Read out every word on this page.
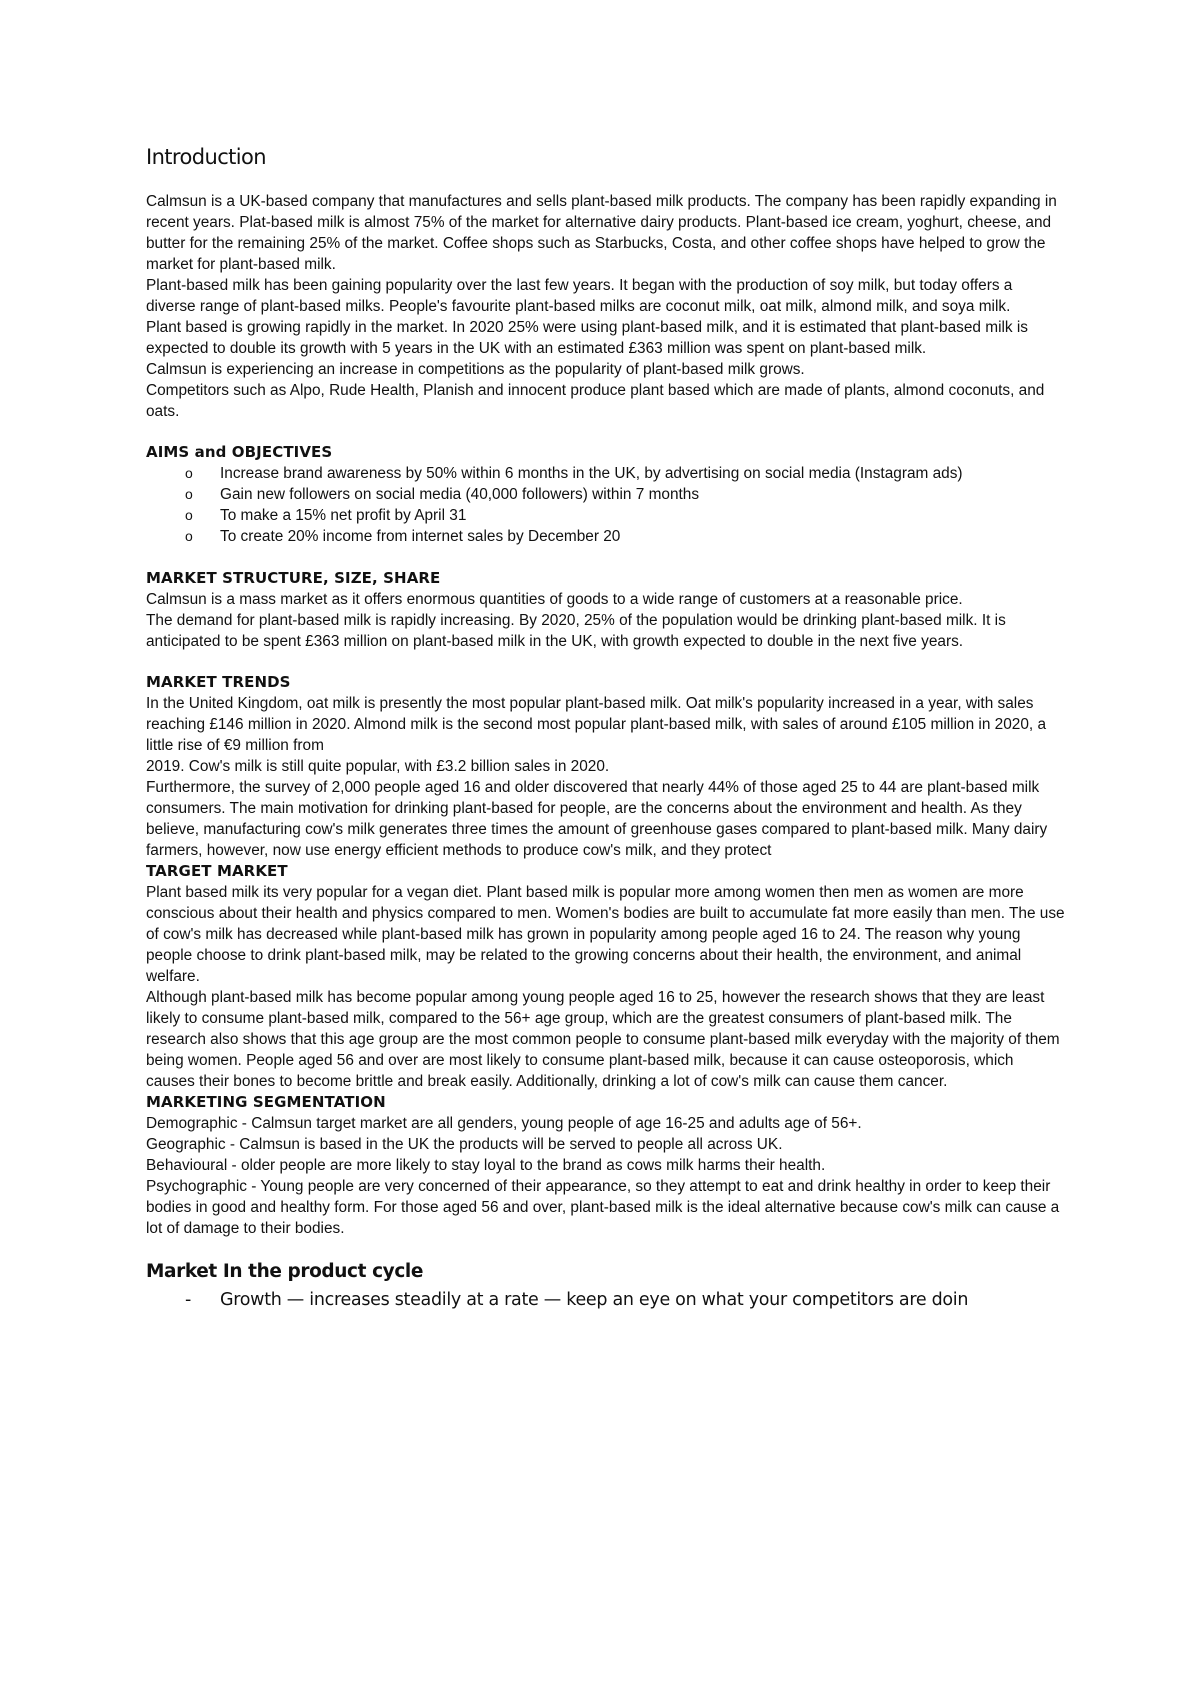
Introduction

Calmsun is a UK-based company that manufactures and sells plant-based milk products. The company has been rapidly expanding in recent years. Plat-based milk is almost 75% of the market for alternative dairy products. Plant-based ice cream, yoghurt, cheese, and butter for the remaining 25% of the market. Coffee shops such as Starbucks, Costa, and other coffee shops have helped to grow the market for plant-based milk.

Plant-based milk has been gaining popularity over the last few years. It began with the production of soy milk, but today offers a diverse range of plant-based milks. People's favourite plant-based milks are coconut milk, oat milk, almond milk, and soya milk.

Plant based is growing rapidly in the market. In 2020 25% were using plant-based milk, and it is estimated that plant-based milk is expected to double its growth with 5 years in the UK with an estimated £363 million was spent on plant-based milk.

Calmsun is experiencing an increase in competitions as the popularity of plant-based milk grows.

Competitors such as Alpo, Rude Health, Planish and innocent produce plant based which are made of plants, almond coconuts, and oats.

AIMS and OBJECTIVES
o Increase brand awareness by 50% within 6 months in the UK, by advertising on social media (Instagram ads)
o Gain new followers on social media (40,000 followers) within 7 months
o To make a 15% net profit by April 31
o To create 20% income from internet sales by December 20
MARKET STRUCTURE, SIZE, SHARE

Calmsun is a mass market as it offers enormous quantities of goods to a wide range of customers at a reasonable price.

The demand for plant-based milk is rapidly increasing. By 2020, 25% of the population would be drinking plant-based milk. It is anticipated to be spent £363 million on plant-based milk in the UK, with growth expected to double in the next five years.

MARKET TRENDS

In the United Kingdom, oat milk is presently the most popular plant-based milk. Oat milk's popularity increased in a year, with sales reaching £146 million in 2020. Almond milk is the second most popular plant-based milk, with sales of around £105 million in 2020, a little rise of €9 million from

2019. Cow's milk is still quite popular, with £3.2 billion sales in 2020.

Furthermore, the survey of 2,000 people aged 16 and older discovered that nearly 44% of those aged 25 to 44 are plant-based milk consumers. The main motivation for drinking plant-based for people, are the concerns about the environment and health. As they believe, manufacturing cow's milk generates three times the amount of greenhouse gases compared to plant-based milk. Many dairy farmers, however, now use energy efficient methods to produce cow's milk, and they protect

TARGET MARKET

Plant based milk its very popular for a vegan diet. Plant based milk is popular more among women then men as women are more conscious about their health and physics compared to men. Women's bodies are built to accumulate fat more easily than men. The use of cow's milk has decreased while plant-based milk has grown in popularity among people aged 16 to 24. The reason why young people choose to drink plant-based milk, may be related to the growing concerns about their health, the environment, and animal welfare.

Although plant-based milk has become popular among young people aged 16 to 25, however the research shows that they are least likely to consume plant-based milk, compared to the 56+ age group, which are the greatest consumers of plant-based milk. The research also shows that this age group are the most common people to consume plant-based milk everyday with the majority of them being women. People aged 56 and over are most likely to consume plant-based milk, because it can cause osteoporosis, which causes their bones to become brittle and break easily. Additionally, drinking a lot of cow's milk can cause them cancer.

MARKETING SEGMENTATION

Demographic - Calmsun target market are all genders, young people of age 16-25 and adults age of 56+.

Geographic - Calmsun is based in the UK the products will be served to people all across UK.

Behavioural - older people are more likely to stay loyal to the brand as cows milk harms their health.

Psychographic - Young people are very concerned of their appearance, so they attempt to eat and drink healthy in order to keep their bodies in good and healthy form. For those aged 56 and over, plant-based milk is the ideal alternative because cow's milk can cause a lot of damage to their bodies.

Market In the product cycle
- Growth — increases steadily at a rate — keep an eye on what your competitors are doin
